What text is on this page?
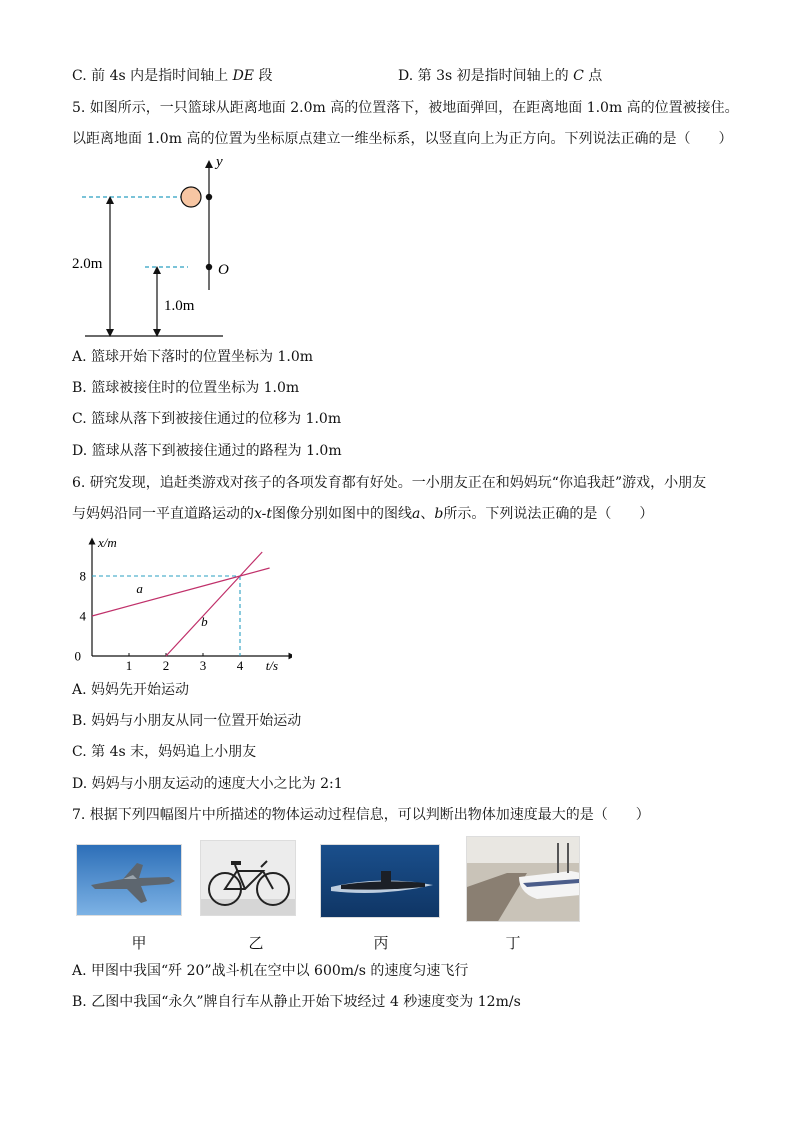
C. 前 4s 内是指时间轴上 DE 段	D. 第 3s 初是指时间轴上的 C 点
5. 如图所示，一只篮球从距离地面 2.0m 高的位置落下，被地面弹回，在距离地面 1.0m 高的位置被接住。
以距离地面 1.0m 高的位置为坐标原点建立一维坐标系，以竖直向上为正方向。下列说法正确的是（　　）
y
O
2.0m
1.0m
A. 篮球开始下落时的位置坐标为 1.0m
B. 篮球被接住时的位置坐标为 1.0m
C. 篮球从落下到被接住通过的位移为 1.0m
D. 篮球从落下到被接住通过的路程为 1.0m
6. 研究发现，追赶类游戏对孩子的各项发育都有好处。一小朋友正在和妈妈玩“你追我赶”游戏，小朋友
与妈妈沿同一平直道路运动的x-t图像分别如图中的图线a、b所示。下列说法正确的是（　　）
1 2 3 4
0
4
8
x/m
t/s
a
b
A. 妈妈先开始运动
B. 妈妈与小朋友从同一位置开始运动
C. 第 4s 末，妈妈追上小朋友
D. 妈妈与小朋友运动的速度大小之比为 2:1
7. 根据下列四幅图片中所描述的物体运动过程信息，可以判断出物体加速度最大的是（　　）
甲	乙	丙	丁
A. 甲图中我国“歼 20”战斗机在空中以 600m/s 的速度匀速飞行
B. 乙图中我国“永久”牌自行车从静止开始下坡经过 4 秒速度变为 12m/s
